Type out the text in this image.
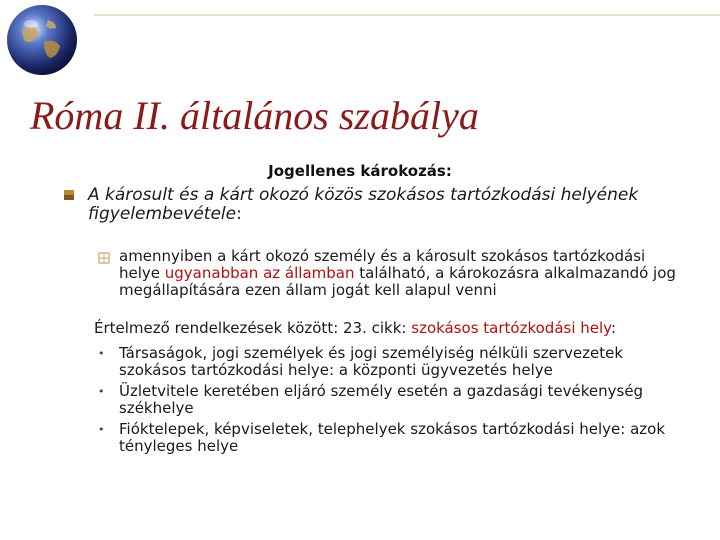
Róma II. általános szabálya
Jogellenes károkozás:
A károsult és a kárt okozó közös szokásos tartózkodási helyének
figyelembevétele:
amennyiben a kárt okozó személy és a károsult szokásos tartózkodási helye ugyanabban az államban található, a károkozásra alkalmazandó jog megállapítására ezen állam jogát kell alapul venni
Értelmező rendelkezések között: 23. cikk: szokásos tartózkodási hely:
• Társaságok, jogi személyek és jogi személyiség nélküli szervezetek szokásos tartózkodási helye: a központi ügyvezetés helye
• Üzletvitele keretében eljáró személy esetén a gazdasági tevékenység székhelye
• Fióktelepek, képviseletek, telephelyek szokásos tartózkodási helye: azok tényleges helye
